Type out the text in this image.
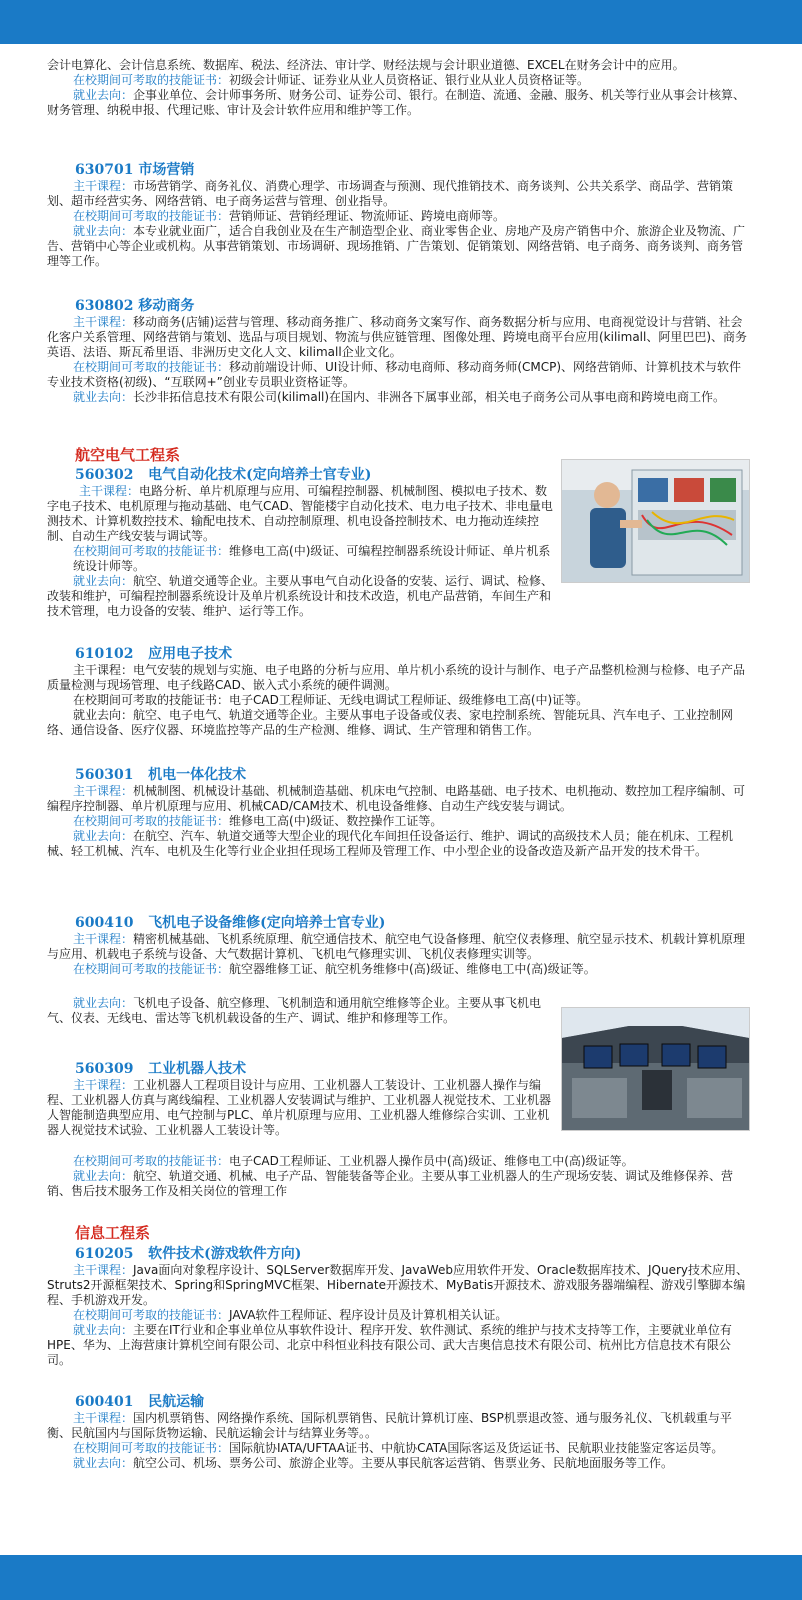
会计电算化、会计信息系统、数据库、税法、经济法、审计学、财经法规与会计职业道德、EXCEL在财务会计中的应用。

在校期间可考取的技能证书：初级会计师证、证券业从业人员资格证、银行业从业人员资格证等。

就业去向：企事业单位、会计师事务所、财务公司、证券公司、银行。在制造、流通、金融、服务、机关等行业从事会计核算、财务管理、纳税申报、代理记账、审计及会计软件应用和维护等工作。

630701 市场营销

主干课程：市场营销学、商务礼仪、消费心理学、市场调查与预测、现代推销技术、商务谈判、公共关系学、商品学、营销策划、超市经营实务、网络营销、电子商务运营与管理、创业指导。

在校期间可考取的技能证书：营销师证、营销经理证、物流师证、跨境电商师等。

就业去向：本专业就业面广，适合自我创业及在生产制造型企业、商业零售企业、房地产及房产销售中介、旅游企业及物流、广告、营销中心等企业或机构。从事营销策划、市场调研、现场推销、广告策划、促销策划、网络营销、电子商务、商务谈判、商务管理等工作。

630802 移动商务

主干课程：移动商务(店铺)运营与管理、移动商务推广、移动商务文案写作、商务数据分析与应用、电商视觉设计与营销、社会化客户关系管理、网络营销与策划、选品与项目规划、物流与供应链管理、图像处理、跨境电商平台应用(kilimall、阿里巴巴)、商务英语、法语、斯瓦希里语、非洲历史文化人文、kilimall企业文化。

在校期间可考取的技能证书：移动前端设计师、UI设计师、移动电商师、移动商务师(CMCP)、网络营销师、计算机技术与软件专业技术资格(初级)、“互联网+”创业专员职业资格证等。

就业去向：长沙非拓信息技术有限公司(kilimall)在国内、非洲各下属事业部，相关电子商务公司从事电商和跨境电商工作。

航空电气工程系
560302 电气自动化技术(定向培养士官专业)

主干课程：电路分析、单片机原理与应用、可编程控制器、机械制图、模拟电子技术、数字电子技术、电机原理与拖动基础、电气CAD、智能楼宇自动化技术、电力电子技术、非电量电测技术、计算机数控技术、输配电技术、自动控制原理、机电设备控制技术、电力拖动连续控制、自动生产线安装与调试等。

在校期间可考取的技能证书：维修电工高(中)级证、可编程控制器系统设计师证、单片机系统设计师等。

就业去向：航空、轨道交通等企业。主要从事电气自动化设备的安装、运行、调试、检修、改装和维护，可编程控制器系统设计及单片机系统设计和技术改造，机电产品营销，车间生产和技术管理，电力设备的安装、维护、运行等工作。

610102 应用电子技术

主干课程：电气安装的规划与实施、电子电路的分析与应用、单片机小系统的设计与制作、电子产品整机检测与检修、电子产品质量检测与现场管理、电子线路CAD、嵌入式小系统的硬件调测。

在校期间可考取的技能证书：电子CAD工程师证、无线电调试工程师证、级维修电工高(中)证等。

就业去向：航空、电子电气、轨道交通等企业。主要从事电子设备或仪表、家电控制系统、智能玩具、汽车电子、工业控制网络、通信设备、医疗仪器、环境监控等产品的生产检测、维修、调试、生产管理和销售工作。

560301 机电一体化技术

主干课程：机械制图、机械设计基础、机械制造基础、机床电气控制、电路基础、电子技术、电机拖动、数控加工程序编制、可编程序控制器、单片机原理与应用、机械CAD/CAM技术、机电设备维修、自动生产线安装与调试。

在校期间可考取的技能证书：维修电工高(中)级证、数控操作工证等。

就业去向：在航空、汽车、轨道交通等大型企业的现代化车间担任设备运行、维护、调试的高级技术人员；能在机床、工程机械、轻工机械、汽车、电机及生化等行业企业担任现场工程师及管理工作、中小型企业的设备改造及新产品开发的技术骨干。

600410 飞机电子设备维修(定向培养士官专业)

主干课程：精密机械基础、飞机系统原理、航空通信技术、航空电气设备修理、航空仪表修理、航空显示技术、机载计算机原理与应用、机载电子系统与设备、大气数据计算机、飞机电气修理实训、飞机仪表修理实训等。

在校期间可考取的技能证书：航空器维修工证、航空机务维修中(高)级证、维修电工中(高)级证等。

就业去向：飞机电子设备、航空修理、飞机制造和通用航空维修等企业。主要从事飞机电气、仪表、无线电、雷达等飞机机载设备的生产、调试、维护和修理等工作。

560309 工业机器人技术

主干课程：工业机器人工程项目设计与应用、工业机器人工装设计、工业机器人操作与编程、工业机器人仿真与离线编程、工业机器人安装调试与维护、工业机器人视觉技术、工业机器人智能制造典型应用、电气控制与PLC、单片机原理与应用、工业机器人维修综合实训、工业机器人视觉技术试验、工业机器人工装设计等。

在校期间可考取的技能证书：电子CAD工程师证、工业机器人操作员中(高)级证、维修电工中(高)级证等。

就业去向：航空、轨道交通、机械、电子产品、智能装备等企业。主要从事工业机器人的生产现场安装、调试及维修保养、营销、售后技术服务工作及相关岗位的管理工作

信息工程系
610205 软件技术(游戏软件方向)

主干课程：Java面向对象程序设计、SQLServer数据库开发、JavaWeb应用软件开发、Oracle数据库技术、JQuery技术应用、Struts2开源框架技术、Spring和SpringMVC框架、Hibernate开源技术、MyBatis开源技术、游戏服务器端编程、游戏引擎脚本编程、手机游戏开发。

在校期间可考取的技能证书：JAVA软件工程师证、程序设计员及计算机相关认证。

就业去向：主要在IT行业和企事业单位从事软件设计、程序开发、软件测试、系统的维护与技术支持等工作，主要就业单位有HPE、华为、上海营康计算机空间有限公司、北京中科恒业科技有限公司、武大吉奥信息技术有限公司、杭州比方信息技术有限公司。

600401 民航运输

主干课程：国内机票销售、网络操作系统、国际机票销售、民航计算机订座、BSP机票退改签、通与服务礼仪、飞机载重与平衡、民航国内与国际货物运输、民航运输会计与结算业务等。。

在校期间可考取的技能证书：国际航协IATA/UFTAA证书、中航协CATA国际客运及货运证书、民航职业技能鉴定客运员等。

就业去向：航空公司、机场、票务公司、旅游企业等。主要从事民航客运营销、售票业务、民航地面服务等工作。
